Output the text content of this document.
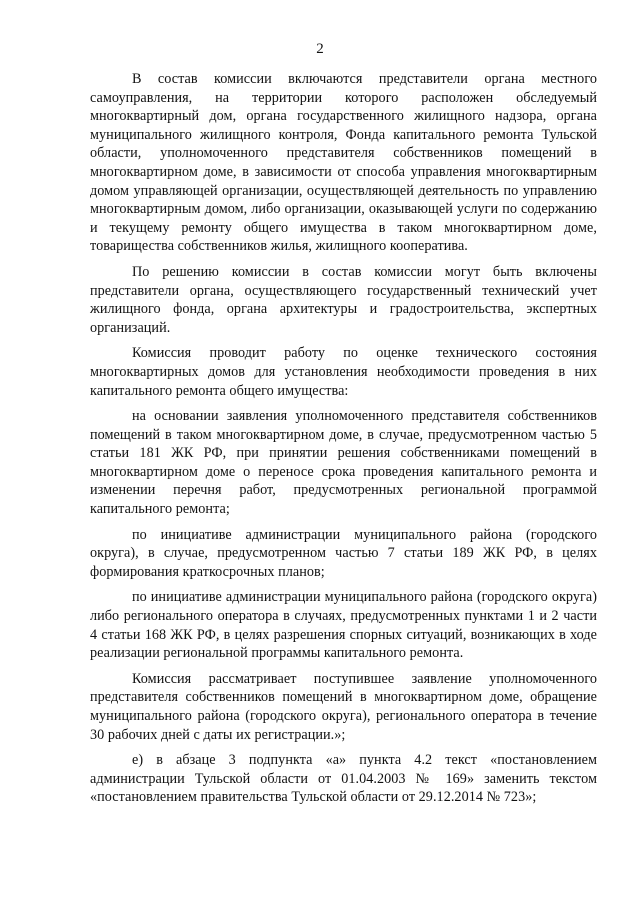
2

В состав комиссии включаются представители органа местного самоуправления, на территории которого расположен обследуемый многоквартирный дом, органа государственного жилищного надзора, органа муниципального жилищного контроля, Фонда капитального ремонта Тульской области, уполномоченного представителя собственников помещений в многоквартирном доме, в зависимости от способа управления многоквартирным домом управляющей организации, осуществляющей деятельность по управлению многоквартирным домом, либо организации, оказывающей услуги по содержанию и текущему ремонту общего имущества в таком многоквартирном доме, товарищества собственников жилья, жилищного кооператива.

По решению комиссии в состав комиссии могут быть включены представители органа, осуществляющего государственный технический учет жилищного фонда, органа архитектуры и градостроительства, экспертных организаций.

Комиссия проводит работу по оценке технического состояния многоквартирных домов для установления необходимости проведения в них капитального ремонта общего имущества:

на основании заявления уполномоченного представителя собственников помещений в таком многоквартирном доме, в случае, предусмотренном частью 5 статьи 181 ЖК РФ, при принятии решения собственниками помещений в многоквартирном доме о переносе срока проведения капитального ремонта и изменении перечня работ, предусмотренных региональной программой капитального ремонта;

по инициативе администрации муниципального района (городского округа), в случае, предусмотренном частью 7 статьи 189 ЖК РФ, в целях формирования краткосрочных планов;

по инициативе администрации муниципального района (городского округа) либо регионального оператора в случаях, предусмотренных пунктами 1 и 2 части 4 статьи 168 ЖК РФ, в целях разрешения спорных ситуаций, возникающих в ходе реализации региональной программы капитального ремонта.

Комиссия рассматривает поступившее заявление уполномоченного представителя собственников помещений в многоквартирном доме, обращение муниципального района (городского округа), регионального оператора в течение 30 рабочих дней с даты их регистрации.»;

е) в абзаце 3 подпункта «а» пункта 4.2 текст «постановлением администрации Тульской области от 01.04.2003 № 169» заменить текстом «постановлением правительства Тульской области от 29.12.2014 № 723»;
